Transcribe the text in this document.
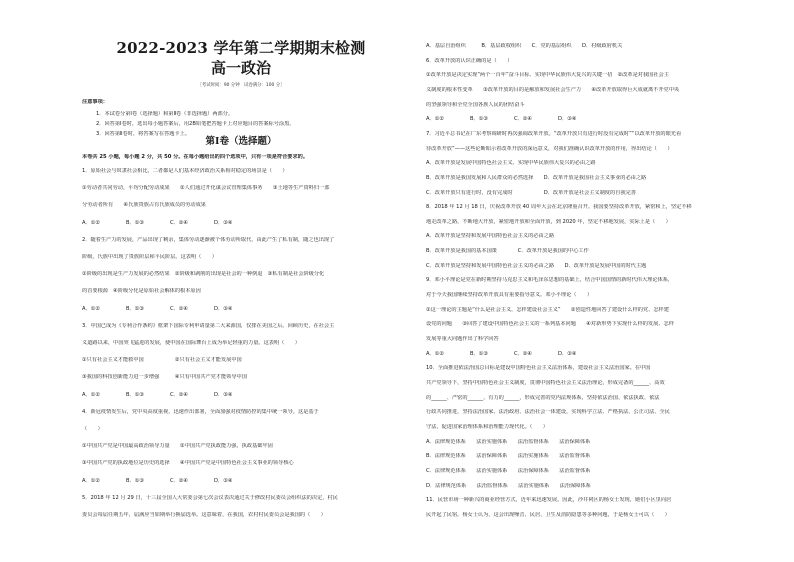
2022-2023 学年第二学期期末检测
高一政治
［考试时间：90 分钟　试卷满分：100 分］
注意事项：
1．本试卷分第Ⅰ卷（选择题）和第Ⅱ卷（非选择题）两部分。
2．回答第Ⅰ卷时，选出每小题答案后，用2B铅笔把答题卡上对应题目的答案标号涂黑。
3．回答第Ⅱ卷时，将答案写在答题卡上。
第Ⅰ卷（选择题）
本卷共 25 小题，每小题 2 分，共 50 分。在每小题给出的四个选项中，只有一项是符合要求的。
1．原始社会与奴隶社会相比，二者都是人们基本经济政治关系相对稳定的场景是（　　）
①劳动者共同劳动，平均分配劳动成果　　②人们通过开化谋会议管理集体事务　　③土地等生产资料归一部
分劳动者所有　　④氏族贵族占有氏族成员的劳动成果
A．①②　　　　　B．①③　　　　　C．②④　　　　　D．③④
2．随着生产力的发展，产品出现了剩余，集体劳动逐渐被个体劳动所取代，由此产生了私有制，随之也出现了
阶级，氏族中出现了贵族阶层和平民阶层。这表明（　　）
①阶级的出现是生产力发展的必然结果　②阶级和剥削的出现是社会的一种倒退　③私有制是社会阶级分化
的首要根源　④阶级分化是原始社会解体的根本原因
A．①②　　　　　B．①③　　　　　C．②④　　　　　D．③④
3．中国已成为《专利合作条约》框架下国际专利申请量第二大来源国，仅排在美国之后。回顾历史，在社会主
义道路以来，中国突飞猛进的发展，使中国在国际舞台上成为举足轻重的力量。这表明（　　）
①只有社会主义才能救中国　　　　　　②只有社会主义才能发展中国
③我国的科技创新能力进一步增强　　　④只有中国共产党才能领导中国
A．①②　　　　　B．①③　　　　　C．②④　　　　　D．③④
4．新冠疫情发生后，党中央高度重视，迅速作出部署，全面加强对疫情防控的集中统一领导。这是基于
（　　）
①中国共产党是中国最高政治领导力量　　②中国共产党执政能力强，执政基础牢固
③中国共产党的执政地位是历史的选择　　④中国共产党是中国特色社会主义事业的领导核心
A．①②　　　　　B．①③　　　　　C．②④　　　　　D．③④
5．2018 年 12 月 29 日，十三届全国人大常委会第七次会议表决通过关于修改村民委员会组织法的决定，村民
委员会每届任期五年，届满应当如期举行换届选举。这意味着，在我国，农村村民委员会是我国的（　　）
A．基层自治组织　　　B．基层政权组织　　C．党的基层组织　　D．村级政府机关
6．改革开放的认识正确的是（　　）
①改革开放是决定实现“两个一百年”奋斗目标、实现中华民族伟大复兴的关键一招　②改革是对我国社会主
义制度的根本性变革　　③改革开放的目的是解放和发展社会生产力　　④改革开放取得巨大成就离不开党中央
的坚强领导和全党全国各族人民的团结奋斗
A．①②　　　　　B．①③　　　　　C．②④　　　　　D．③④
7．习近平总书记在广东考察调研时再次强调改革开放。“改革开放只有进行时没有完成时”“以改革开放的眼光看
待改革开放”——这些论断昭示着改革开放的深远意义，对我们准确认识改革开放的作用，得出结论（　　）
A．改革开放是发展中国特色社会主义、实现中华民族伟大复兴的必由之路
B．改革开放是我国发展和人民群众的必然选择　　D．改革开放是我国社会主义事业的必由之路
C．改革开放只有进行时，没有完成时　　　　　　D．改革开放是社会主义制度的自我完善
8．2018 年 12 月 18 日，庆祝改革开放 40 周年大会在北京隆重召开。我国要坚持改革开放，紧密和上，坚定不移
地走改革之路，不断地大开放，紧密地开放和全面开放，到 2020 年，坚定不移地发展，实际上是（　　）
A．改革开放是坚持和发展中国特色社会主义的必由之路
B．改革开放是我国的基本国策　　　　C．改革开放是我国的中心工作
C．改革开放是坚持和发展中国特色社会主义的必由之路　　D．改革开放是发展中国的时代主题
9．邓小平理论是党在新时期坚持马克思主义和毛泽东思想的基础上，结合中国国情的新时代伟大理论体系，
对于今天我国继续坚持改革开放具有重要指导意义。邓小平理论（　　）
①这一理论的主题是“什么是社会主义，怎样建设社会主义”　　②创造性地回答了建设什么样的党、怎样建
设党的问题　　③回答了建设中国特色社会主义的一系列基本问题　　④对新形势下实现什么样的发展、怎样
发展等重大问题作出了科学回答
A．①②　　　　　B．①③　　　　　C．②④　　　　　D．③④
10．全面推进依法治国总目标是建设中国特色社会主义法治体系，建设社会主义法治国家。在中国
共产党领导下，坚持中国特色社会主义制度，贯彻中国特色社会主义法治理论，形成完备的______、高效
的______、严密的______、有力的______，形成完善的党内法规体系，坚持依法治国、依法执政、依法
行政共同推进，坚持法治国家、法治政府、法治社会一体建设，实现科学立法、严格执法、公正司法、全民
守法，促进国家治理体系和治理能力现代化。（　　）
A．法律规范体系　　法治实施体系　　法治监督体系　　法治保障体系
B．法律规范体系　　法治保障体系　　法治实施体系　　法治监督体系
C．法律规范体系　　法治实施体系　　法治保障体系　　法治监督体系
D．法律规范体系　　法治监督体系　　法治实施体系　　法治保障体系
11．民营市场一种新兴的商业经营方式，近年来迅速发展。因此，沙井祠区的杨女士发现，她们小区里向居
民开起了民宿。杨女士认为，这会出现噪音、民居、卫生及消防隐患等多种问题，于是杨女士可以（　　）
